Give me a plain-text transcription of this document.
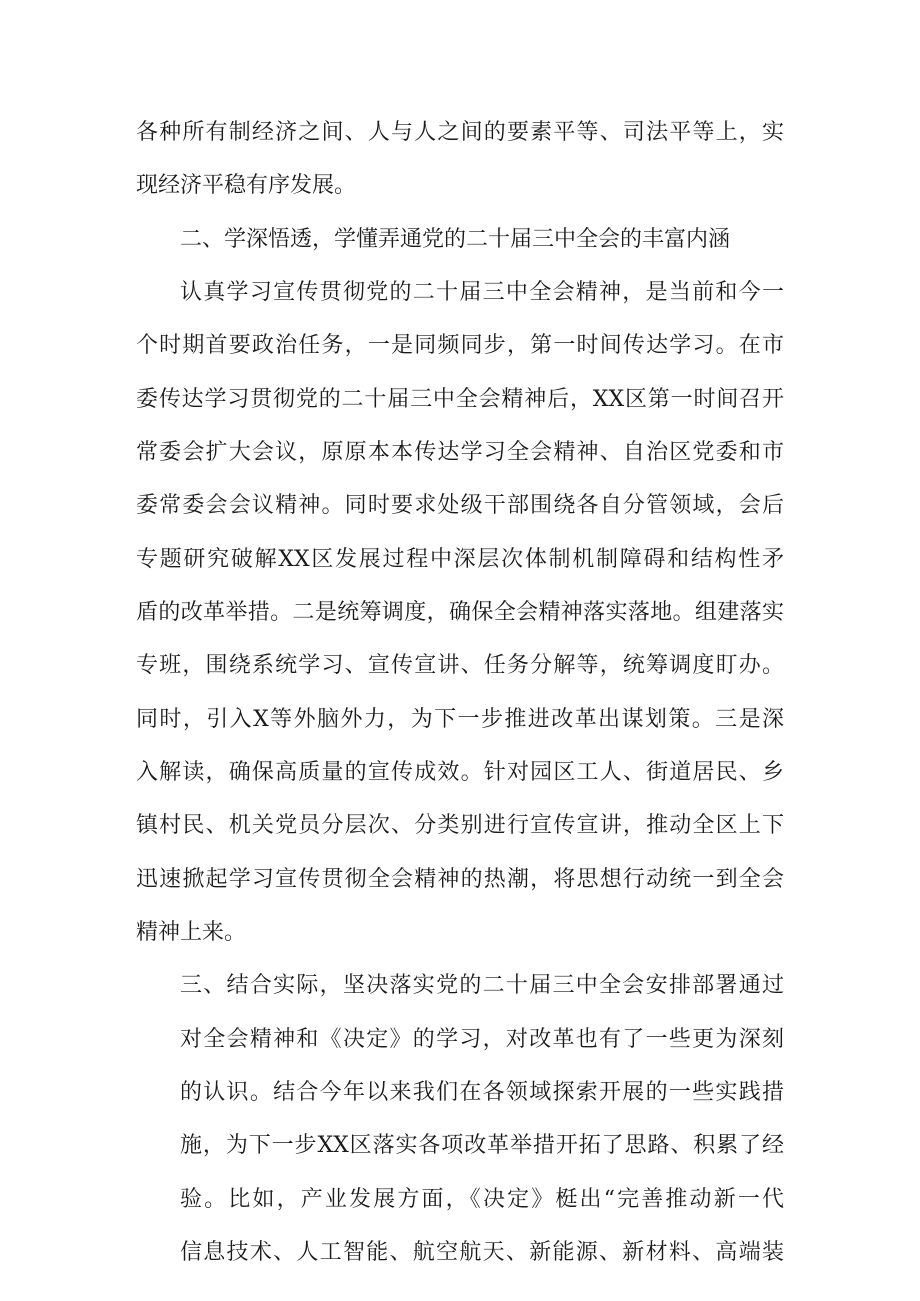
各种所有制经济之间、人与人之间的要素平等、司法平等上，实
现经济平稳有序发展。
二、学深悟透，学懂弄通党的二十届三中全会的丰富内涵
认真学习宣传贯彻党的二十届三中全会精神，是当前和今一
个时期首要政治任务，一是同频同步，第一时间传达学习。在市
委传达学习贯彻党的二十届三中全会精神后，XX区第一时间召开
常委会扩大会议，原原本本传达学习全会精神、自治区党委和市
委常委会会议精神。同时要求处级干部围绕各自分管领域，会后
专题研究破解XX区发展过程中深层次体制机制障碍和结构性矛
盾的改革举措。二是统筹调度，确保全会精神落实落地。组建落实
专班，围绕系统学习、宣传宣讲、任务分解等，统筹调度盯办。
同时，引入X等外脑外力，为下一步推进改革出谋划策。三是深
入解读，确保高质量的宣传成效。针对园区工人、街道居民、乡
镇村民、机关党员分层次、分类别进行宣传宣讲，推动全区上下
迅速掀起学习宣传贯彻全会精神的热潮，将思想行动统一到全会
精神上来。
三、结合实际，坚决落实党的二十届三中全会安排部署通过
对全会精神和《决定》的学习，对改革也有了一些更为深刻
的认识。结合今年以来我们在各领域探索开展的一些实践措
施，为下一步XX区落实各项改革举措开拓了思路、积累了经
验。比如，产业发展方面，《决定》梃出“完善推动新一代
信息技术、人工智能、航空航天、新能源、新材料、高端装
